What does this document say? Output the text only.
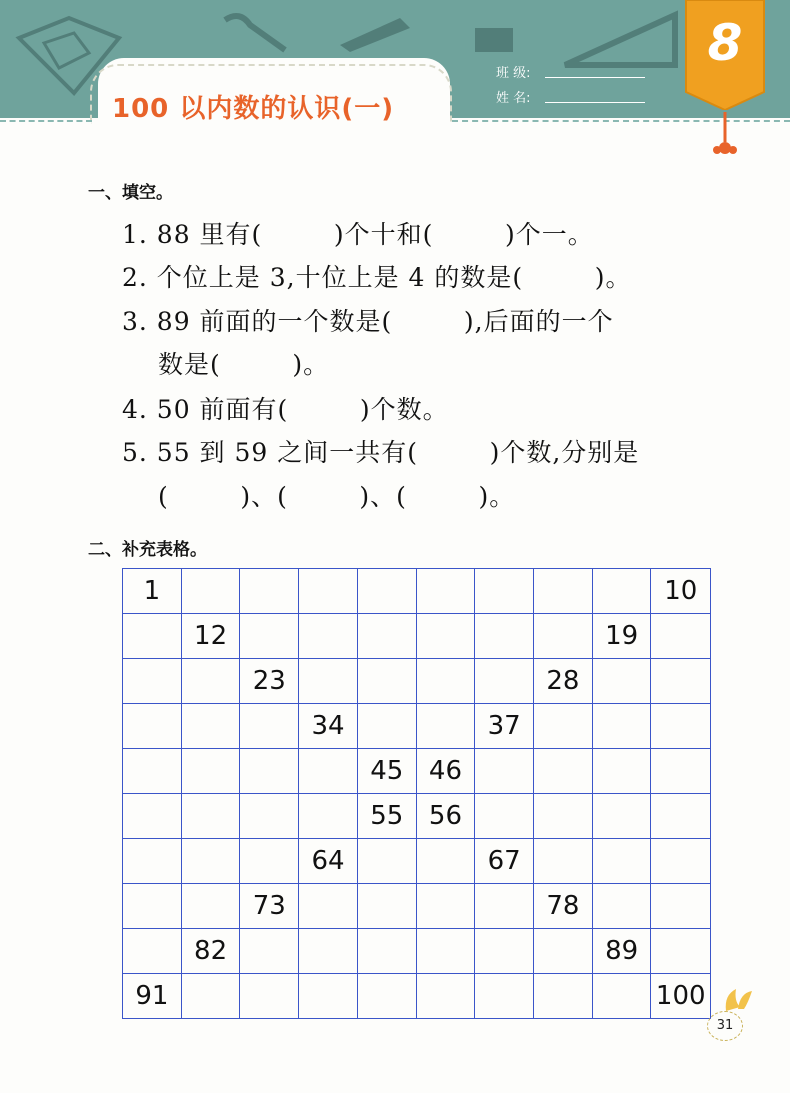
100 以内数的认识(一)
班 级:
姓 名:
8
一、填空。
1. 88 里有(        )个十和(        )个一。
2. 个位上是 3,十位上是 4 的数是(        )。
3. 89 前面的一个数是(        ),后面的一个
数是(        )。
4. 50 前面有(        )个数。
5. 55 到 59 之间一共有(        )个数,分别是
(        )、(        )、(        )。
二、补充表格。
1									10
	12							19	
		23					28		
			34			37			
				45	46				
				55	56				
			64			67			
		73					78		
	82							89	
91									100
31
